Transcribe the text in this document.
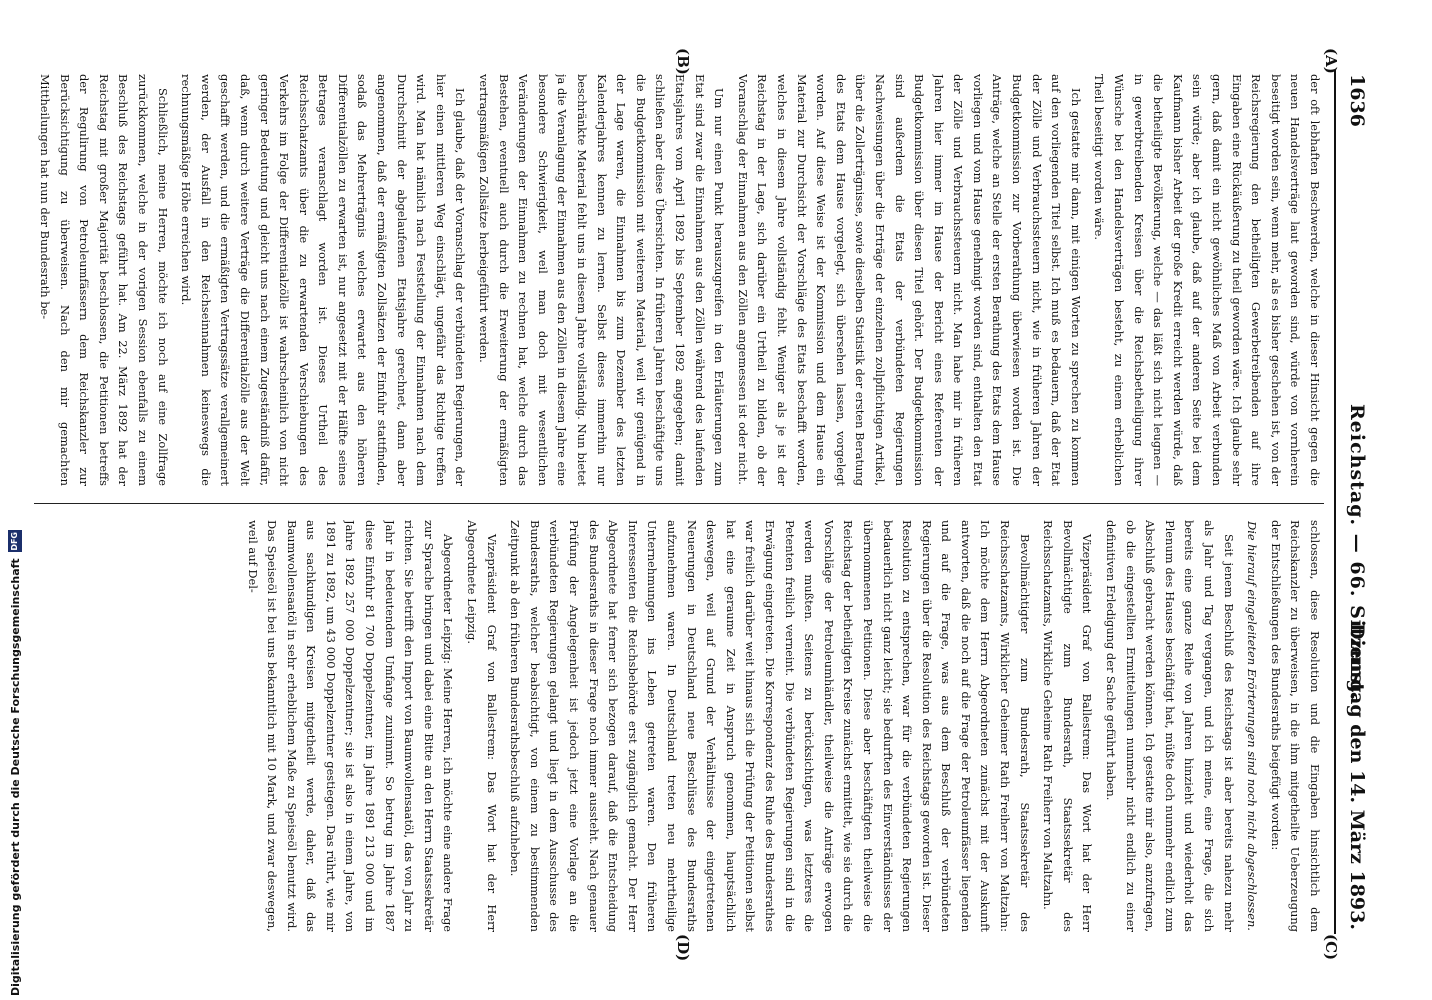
1636
Reichstag. — 66. Sitzung.
Dienstag den 14. März 1893.
(A)
(B)
(C)
(D)

der oft lebhaften Beschwerden, welche in dieser Hinsicht gegen die neuen Handelsverträge laut geworden sind, würde von vornherein beseitigt worden sein, wenn mehr, als es bisher geschehen ist, von der Reichsregierung den betheiligten Gewerbetreibenden auf ihre Eingaben eine Rückäußerung zu theil geworden wäre. Ich glaube sehr gern, daß damit ein nicht gewöhnliches Maß von Arbeit verbunden sein würde; aber ich glaube, daß auf der anderen Seite bei dem Kaufmann bisher Arbeit der große Kredit erreicht werden würde, daß die betheiligte Bevölkerung, welche — das läßt sich nicht leugnen — in gewerbtreibenden Kreisen über die Reichsbetheiligung ihrer Wünsche bei den Handelsverträgen besteht, zu einem erheblichen Theil beseitigt worden wäre.

Ich gestatte mir dann, mit einigen Worten zu sprechen zu kommen auf den vorliegenden Titel selbst. Ich muß es bedauern, daß der Etat der Zölle und Verbrauchssteuern nicht, wie in früheren Jahren der Budgetkommission zur Vorberathung überwiesen worden ist. Die Anträge, welche an Stelle der ersten Berathung des Etats dem Hause vorliegen und vom Hause genehmigt worden sind, enthalten den Etat der Zölle und Verbrauchssteuern nicht. Man habe mir in früheren Jahren hier immer im Hause der Bericht eines Referenten der Budgetkommission über diesen Titel gehört. Der Budgetkommission sind außerdem die Etats der verbündeten Regierungen Nachweisungen über die Erträge der einzelnen zollpflichtigen Artikel, über die Zollerträgnisse, sowie dieselben Statistik der ersten Beratung des Etats dem Hause vorgelegt, sich übersehen lassen, vorgelegt worden. Auf diese Weise ist der Kommission und dem Hause ein Material zur Durchsicht der Vorschläge des Etats beschafft worden, welches in diesem Jahre vollständig fehlt. Weniger als je ist der Reichstag in der Lage, sich darüber ein Urtheil zu bilden, ob der Voranschlag der Einnahmen aus den Zöllen angemessen ist oder nicht.

Um nur einen Punkt herauszugreifen in den Erläuterungen zum Etat sind zwar die Einnahmen aus den Zöllen während des laufenden Etatsjahres vom April 1892 bis September 1892 angegeben; damit schließen aber diese Übersichten. In früheren Jahren beschäftigte uns die Budgetkommission mit weiterem Material, weil wir genügend in der Lage waren, die Einnahmen bis zum Dezember des letzten Kalenderjahres kennen zu lernen. Selbst dieses immerhin nur beschränkte Material fehlt uns in diesem Jahre vollständig. Nun bietet ja die Veranlagung der Einnahmen aus den Zöllen in diesem Jahre eine besondere Schwierigkeit, weil man doch mit wesentlichen Veränderungen der Einnahmen zu rechnen hat, welche durch das Bestehen, eventuell auch durch die Erweiterung der ermäßigten vertragsmäßigen Zollsätze herbeigeführt werden.

Ich glaube, daß der Voranschlag der verbündeten Regierungen, der hier einen mittleren Weg einschlägt, ungefähr das Richtige treffen wird. Man hat nämlich nach Feststellung der Einnahmen nach dem Durchschnitt der abgelaufenen Etatsjahre gerechnet, dann aber angenommen, daß der ermäßigten Zollsätzen der Einfuhr stattfinden, sodaß das Mehrerträgnis welches erwartet aus den höheren Differentialzöllen zu erwarten ist, nur angesetzt mit der Hälfte seines Betrages veranschlagt worden ist. Dieses Urtheil des Reichsschatzamts über die zu erwartenden Verschiebungen des Verkehrs im Folge der Differentialzölle ist wahrscheinlich von nicht geringer Bedeutung und gleicht uns nach einem Zugeständniß dafür, daß, wenn durch weitere Verträge die Differentialzölle aus der Welt geschafft werden, und die ermäßigten Vertragssätze verallgemeinert werden, der Ausfall in den Reichseinnahmen keineswegs die rechnungsmäßige Höhe erreichen wird.

Schließlich, meine Herren, möchte ich noch auf eine Zollfrage zurückkommen, welche in der vorigen Session ebenfalls zu einem Beschluß des Reichstags geführt hat. Am 22. März 1892 hat der Reichstag mit großer Majorität beschlossen, die Petitionen betreffs der Regulirung von Petroleumfässern dem Reichskanzler zur Berücksichtigung zu überweisen. Nach den mir gemachten Mittheilungen hat nun der Bundesrath be-

schlossen, diese Resolution und die Eingaben hinsichtlich dem Reichskanzler zu überweisen, in die ihm mitgetheilte Ueberzeugung der Entschließungen des Bundesraths beigefügt worden:

Die hierauf eingeleiteten Erörterungen sind noch nicht abgeschlossen.

Seit jenem Beschluß des Reichstags ist aber bereits nahezu mehr als Jahr und Tag vergangen, und ich meine, eine Frage, die sich bereits eine ganze Reihe von Jahren hinzieht und wiederholt das Plenum des Hauses beschäftigt hat, müßte doch nunmehr endlich zum Abschluß gebracht werden können. Ich gestatte mir also, anzufragen, ob die eingestellten Ermittelungen nunmehr nicht endlich zu einer definitiven Erledigung der Sache geführt haben.

Vizepräsident Graf von Ballestrem: Das Wort hat der Herr Bevollmächtigte zum Bundesrath, Staatssekretär des Reichsschatzamts, Wirkliche Geheime Rath Freiherr von Maltzahn.

Bevollmächtigter zum Bundesrath, Staatssekretär des Reichsschatzamts, Wirklicher Geheimer Rath Freiherr von Maltzahn: Ich möchte dem Herrn Abgeordneten zunächst mit der Auskunft antworten, daß die noch auf die Frage der Petroleumfässer liegenden und auf die Frage, was aus dem Beschluß der verbündeten Regierungen über die Resolution des Reichstags geworden ist. Dieser Resolution zu entsprechen, war für die verbündeten Regierungen bedauerlich nicht ganz leicht; sie bedurften des Einverständnisses der übernommenen Petitionen. Diese aber beschäftigten theilweise die Reichstag der betheiligten Kreise zunächst ermittelt, wie sie durch die Vorschläge der Petroleumhändler, theilweise die Anträge erwogen werden mußten. Seitens zu berücksichtigen, was letzteres die Petenten freilich verneint. Die verbündeten Regierungen sind in die Erwägung eingetreten. Die Korrespondenz des Ruhe des Bundesrathes war freilich darüber weit hinaus sich die Prüfung der Petitionen selbst hat eine geraume Zeit in Anspruch genommen, hauptsächlich deswegen, weil auf Grund der Verhältnisse der eingetretenen Neuerungen in Deutschland neue Beschlüsse des Bundesraths aufzunehmen waren. In Deutschland treten neu mehrtheilige Unternehmungen ins Leben getreten waren. Den früheren Interessenten die Reichsbehörde erst zugänglich gemacht. Der Herr Abgeordnete hat ferner sich bezogen darauf, daß die Entscheidung des Bundesraths in dieser Frage noch immer aussteht. Nach genauer Prüfung der Angelegenheit ist jedoch jetzt eine Vorlage an die verbündeten Regierungen gelangt und liegt in dem Ausschusse des Bundesraths, welcher beabsichtigt, von einem zu bestimmenden Zeitpunkt ab den früheren Bundesrathsbeschluß aufzuheben.

Vizepräsident Graf von Ballestrem: Das Wort hat der Herr Abgeordnete Leipzig.

Abgeordneter Leipzig: Meine Herren, ich möchte eine andere Frage zur Sprache bringen und dabei eine Bitte an den Herrn Staatssekretär richten. Sie betrifft den Import von Baumwollensaatöl, das von Jahr zu Jahr in bedeutendem Umfange zunimmt. So betrug im Jahre 1887 diese Einfuhr 81 700 Doppelzentner, im Jahre 1891 213 000 und im Jahre 1892 257 000 Doppelzentner; sie ist also in einem Jahre, von 1891 zu 1892, um 43 000 Doppelzentner gestiegen. Das rührt, wie mir aus sachkundigen Kreisen mitgetheilt werde, daher, daß das Baumwollensaatöl in sehr erheblichem Maße zu Speiseöl benutzt wird. Das Speiseöl ist bei uns bekanntlich mit 10 Mark, und zwar deswegen, weil auf Del-

Digitalisierung gefördert durch die Deutsche Forschungsgemeinschaft
DFG
